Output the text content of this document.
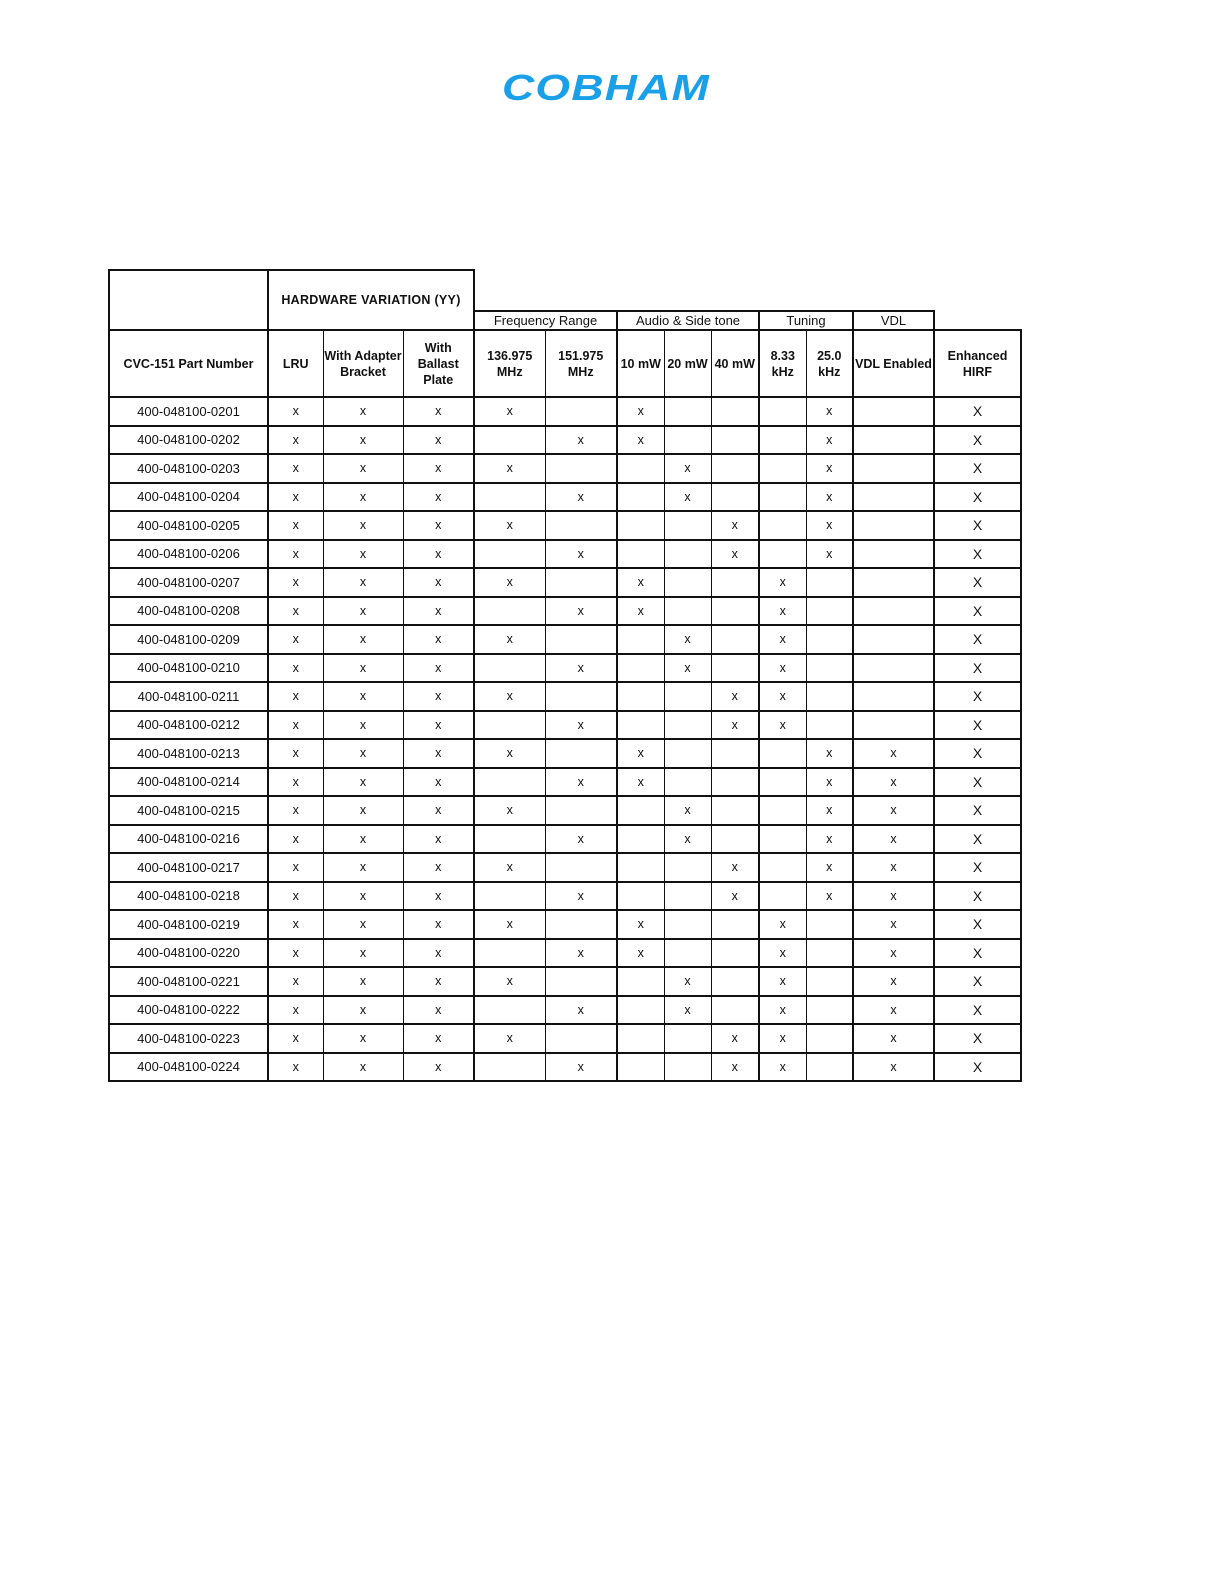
COBHAM
	HARDWARE VARIATION (YY)											
				Frequency Range		Audio & Side tone			Tuning		VDL	
CVC-151 Part Number	LRU	With Adapter Bracket	With Ballast Plate	136.975 MHz	151.975 MHz	10 mW	20 mW	40 mW	8.33 kHz	25.0 kHz	VDL Enabled	Enhanced HIRF
400-048100-0201	x	x	x	x		x				x		X
400-048100-0202	x	x	x		x	x				x		X
400-048100-0203	x	x	x	x			x			x		X
400-048100-0204	x	x	x		x		x			x		X
400-048100-0205	x	x	x	x				x		x		X
400-048100-0206	x	x	x		x			x		x		X
400-048100-0207	x	x	x	x		x			x			X
400-048100-0208	x	x	x		x	x			x			X
400-048100-0209	x	x	x	x			x		x			X
400-048100-0210	x	x	x		x		x		x			X
400-048100-0211	x	x	x	x				x	x			X
400-048100-0212	x	x	x		x			x	x			X
400-048100-0213	x	x	x	x		x				x	x	X
400-048100-0214	x	x	x		x	x				x	x	X
400-048100-0215	x	x	x	x			x			x	x	X
400-048100-0216	x	x	x		x		x			x	x	X
400-048100-0217	x	x	x	x				x		x	x	X
400-048100-0218	x	x	x		x			x		x	x	X
400-048100-0219	x	x	x	x		x			x		x	X
400-048100-0220	x	x	x		x	x			x		x	X
400-048100-0221	x	x	x	x			x		x		x	X
400-048100-0222	x	x	x		x		x		x		x	X
400-048100-0223	x	x	x	x				x	x		x	X
400-048100-0224	x	x	x		x			x	x		x	X
